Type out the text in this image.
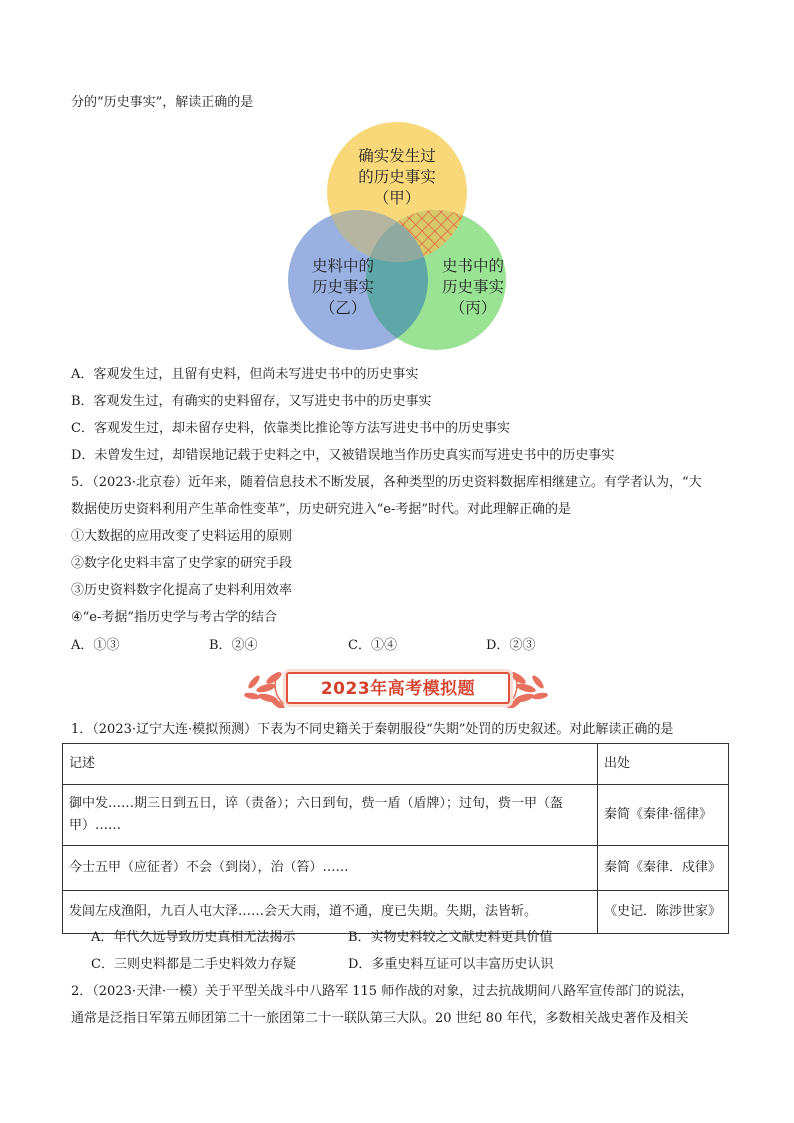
分的“历史事实”，解读正确的是
确实发生过
的历史事实
（甲）
史料中的
历史事实
（乙）
史书中的
历史事实
（丙）
A．客观发生过，且留有史料，但尚未写进史书中的历史事实
B．客观发生过，有确实的史料留存，又写进史书中的历史事实
C．客观发生过，却未留存史料，依靠类比推论等方法写进史书中的历史事实
D．未曾发生过，却错误地记载于史料之中，又被错误地当作历史真实而写进史书中的历史事实
5．（2023·北京卷）近年来，随着信息技术不断发展，各种类型的历史资料数据库相继建立。有学者认为，“大
数据使历史资料利用产生革命性变革”，历史研究进入“e-考据”时代。对此理解正确的是
①大数据的应用改变了史料运用的原则
②数字化史料丰富了史学家的研究手段
③历史资料数字化提高了史料利用效率
④“e-考据”指历史学与考古学的结合
A．①③	B．②④	C．①④	D．②③
2023年高考模拟题
1．（2023·辽宁大连·模拟预测）下表为不同史籍关于秦朝服役“失期”处罚的历史叙述。对此解读正确的是
记述	出处
御中发……期三日到五日，谇（责备）；六日到旬，赀一盾（盾牌）；过旬，赀一甲（盔甲）……	秦简《秦律·徭律》
今士五甲（应征者）不会（到岗），治（笞）……	秦简《秦律．戍律》
发闾左戍渔阳，九百人屯大泽……会天大雨，道不通，度已失期。失期，法皆斩。	《史记．陈涉世家》
A．年代久远导致历史真相无法揭示	B．实物史料较之文献史料更具价值
C．三则史料都是二手史料效力存疑	D．多重史料互证可以丰富历史认识
2．（2023·天津·一模）关于平型关战斗中八路军 115 师作战的对象，过去抗战期间八路军宣传部门的说法，
通常是泛指日军第五师团第二十一旅团第二十一联队第三大队。20 世纪 80 年代，多数相关战史著作及相关
